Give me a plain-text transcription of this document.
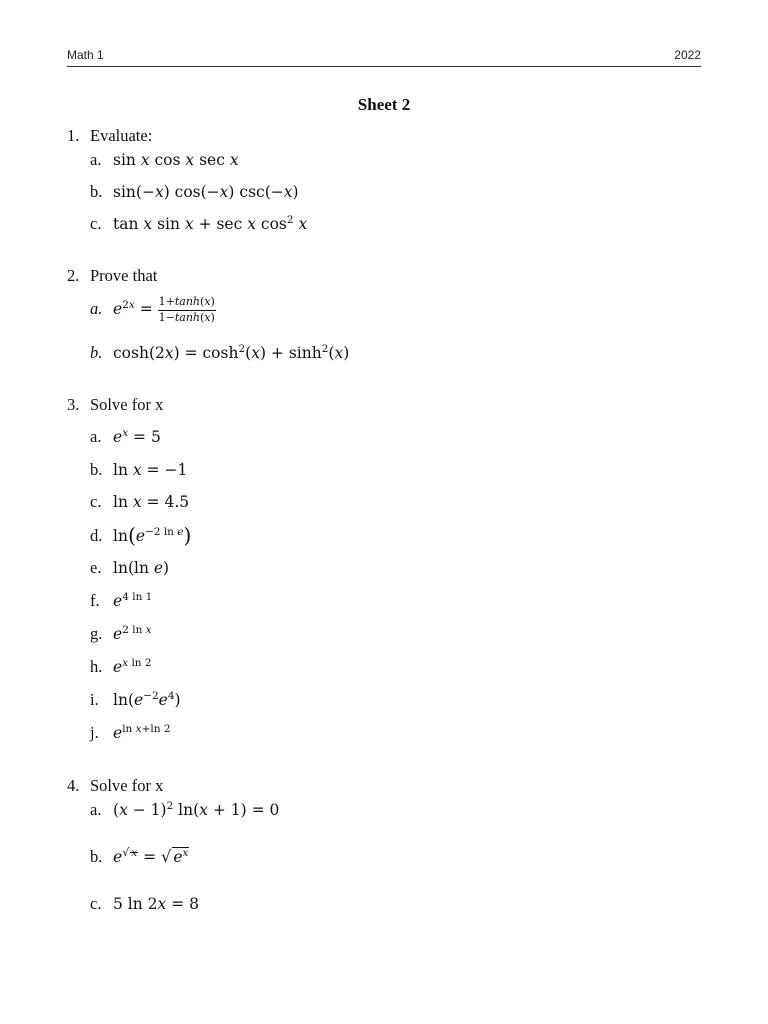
Math 1	2022
Sheet 2
1. Evaluate:
a. sin x cos x sec x
b. sin(−x) cos(−x) csc(−x)
c. tan x sin x + sec x $\cos^2 x$
2. Prove that
a. $e^{2x} = \frac{1+\tanh(x)}{1-\tanh(x)}$
b. $\cosh(2x) = \cosh^2(x) + \sinh^2(x)$
3. Solve for x
a. $e^x = 5$
b. ln x = −1
c. ln x = 4.5
d. $\ln(e^{-2 ln e})$
e. ln(ln e)
f. $e^{4 ln 1}$
g. $e^{2 ln x}$
h. $e^{x ln 2}$
i. $\ln(e^{-2}e^4)$
j. $e^{ln x+ln 2}$
4. Solve for x
a. $(x - 1)^2$ ln(x + 1) = 0
b. $e^{√ x}$ = √ $e^x$
c. 5 ln 2x = 8
